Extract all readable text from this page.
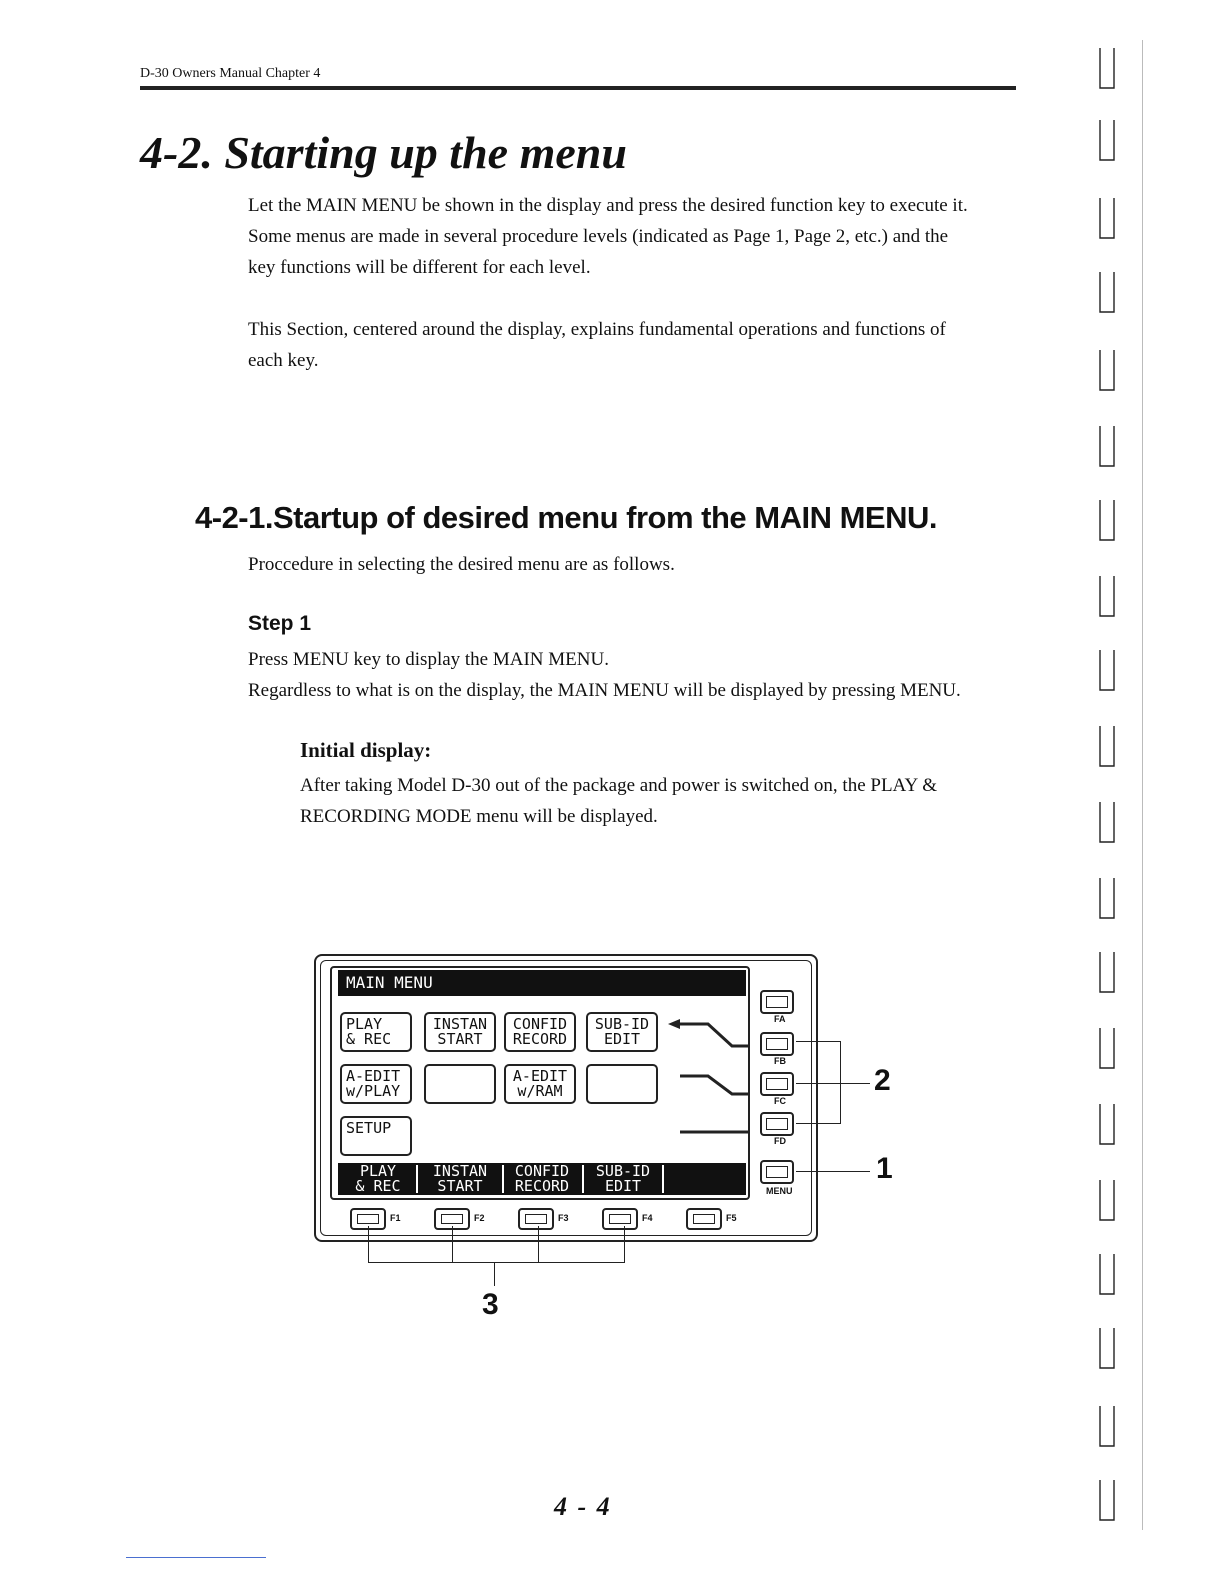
D-30 Owners Manual Chapter 4
4-2. Starting up the menu
Let the MAIN MENU be shown in the display and press the desired function key to execute it.
Some menus are made in several procedure levels (indicated as Page 1, Page 2, etc.) and the
key functions will be different for each level.
This Section, centered around the display, explains fundamental operations and functions of
each key.
4-2-1.Startup of desired menu from the MAIN MENU.
Proccedure in selecting the desired menu are as follows.
Step 1
Press MENU key to display the MAIN MENU.
Regardless to what is on the display, the MAIN MENU will be displayed by pressing MENU.
Initial display:
After taking Model D-30 out of the package and power is switched on, the PLAY &
RECORDING MODE menu will be displayed.
MAIN MENU
PLAY
& REC
INSTAN
START
CONFID
RECORD
SUB-ID
EDIT
A-EDIT
w/PLAY
A-EDIT
w/RAM
SETUP
PLAY
& REC
INSTAN
START
CONFID
RECORD
SUB-ID
EDIT
FA
FB
FC
FD
MENU
F1	F2	F3	F4	F5
2
1
3
4 - 4
